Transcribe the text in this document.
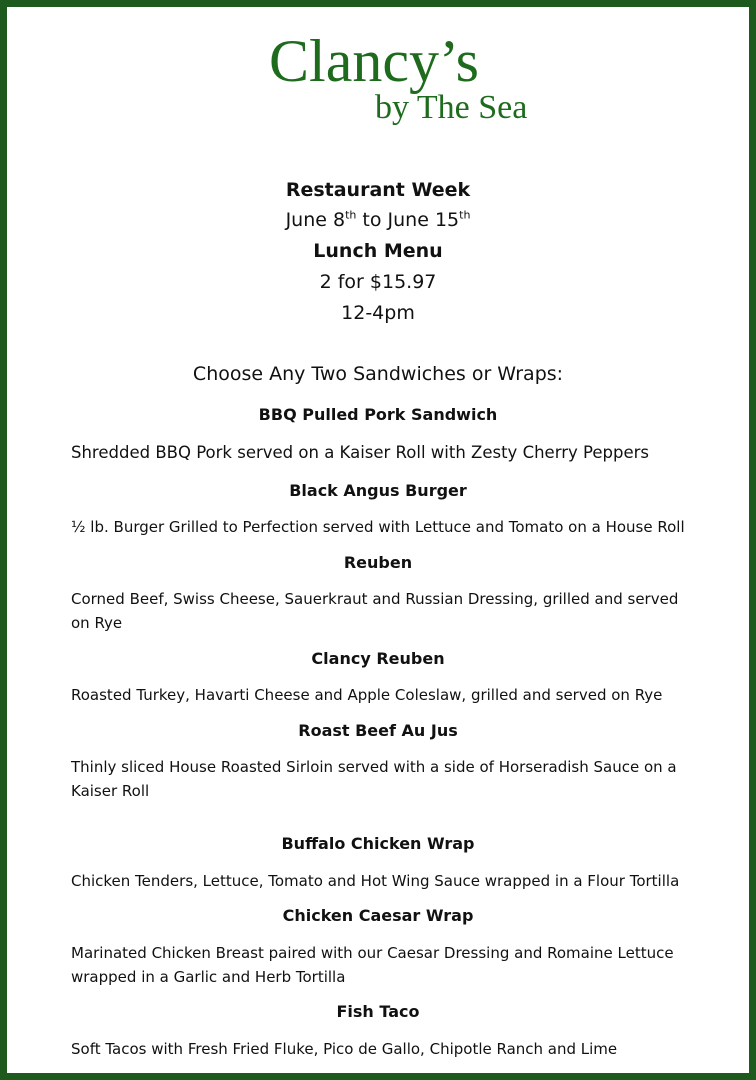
Clancy’s
by The Sea
Restaurant Week
June 8th to June 15th
Lunch Menu
2 for $15.97
12-4pm
Choose Any Two Sandwiches or Wraps:
BBQ Pulled Pork Sandwich
Shredded BBQ Pork served on a Kaiser Roll with Zesty Cherry Peppers
Black Angus Burger
½ lb. Burger Grilled to Perfection served with Lettuce and Tomato on a House Roll
Reuben
Corned Beef, Swiss Cheese, Sauerkraut and Russian Dressing, grilled and served on Rye
Clancy Reuben
Roasted Turkey, Havarti Cheese and Apple Coleslaw, grilled and served on Rye
Roast Beef Au Jus
Thinly sliced House Roasted Sirloin served with a side of Horseradish Sauce on a Kaiser Roll
Buffalo Chicken Wrap
Chicken Tenders, Lettuce, Tomato and Hot Wing Sauce wrapped in a Flour Tortilla
Chicken Caesar Wrap
Marinated Chicken Breast paired with our Caesar Dressing and Romaine Lettuce wrapped in a Garlic and Herb Tortilla
Fish Taco
Soft Tacos with Fresh Fried Fluke, Pico de Gallo, Chipotle Ranch and Lime
